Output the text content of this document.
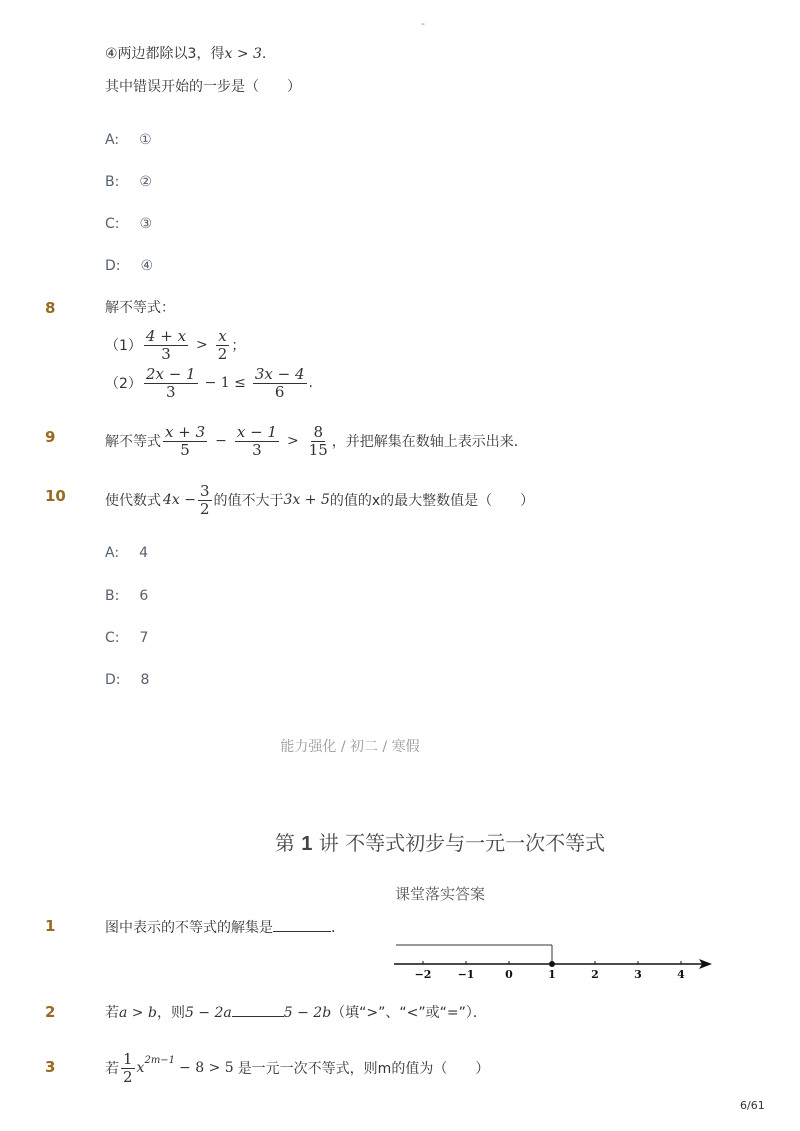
-
④两边都除以3，得x > 3.
其中错误开始的一步是（　　）
A: ①
B: ②
C: ③
D: ④
8	解不等式：
$(1) \frac{4 + x}{3} > \frac{x}{2}$ ；
$(2) \frac{2x - 1}{3} - 1 \le \frac{3x - 4}{6}$ .
9	解不等式 $\frac{x + 3}{5} - \frac{x - 1}{3} > \frac{8}{15}$ ，并把解集在数轴上表示出来．
10	使代数式 $4x - \frac{3}{2}$ 的值不大于 3x + 5 的值的x的最大整数值是（　　）
A: 4
B: 6
C: 7
D: 8
能力强化 / 初二 / 寒假
第 1 讲 不等式初步与一元一次不等式
课堂落实答案
1	图中表示的不等式的解集是	．
−2 −1	0	1	2	3	4
2	若a > b，则5 − 2a	5 − 2b（填“>”、“<”或“=”）．
3	若 $\frac{1}{2} x^{2m-1} - 8 > 5$ 是一元一次不等式，则m的值为（　　）
6/61
